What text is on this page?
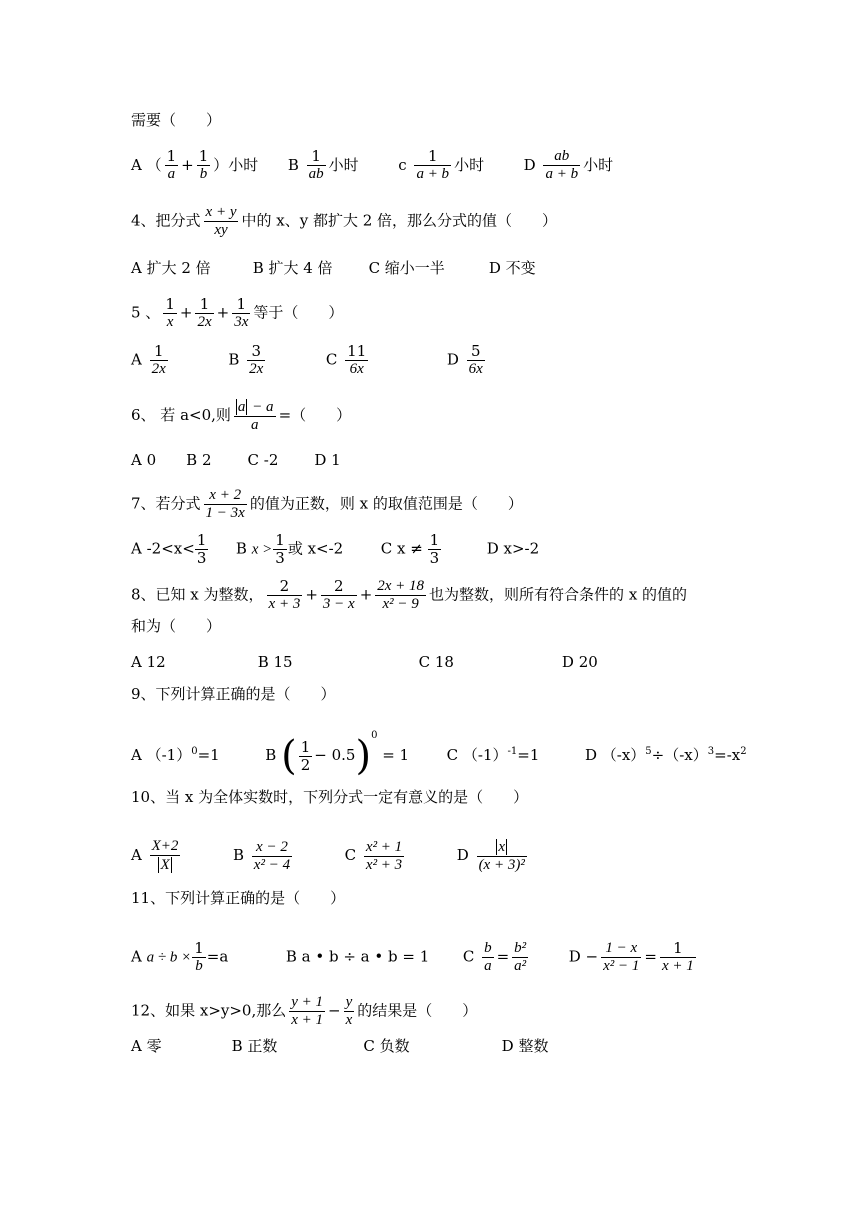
需要（　　）
A （ $\frac{1}{a} + \frac{1}{b}$ ）小时 B $\frac{1}{ab}$ 小时	c $\frac{1}{a + b}$ 小时	D $\frac{ab}{a + b}$ 小时
4、把分式 $\frac{x + y}{xy}$ 中的 x、y 都扩大 2 倍，那么分式的值（　　）
A 扩大 2 倍	B 扩大 4 倍 C 缩小一半	D 不变
5 、 $\frac{1}{x} + \frac{1}{2x} + \frac{1}{3x}$ 等于（　　）
A $\frac{1}{2x}$	B $\frac{3}{2x}$	C $\frac{11}{6x}$	D $\frac{5}{6x}$
6、 若 a<0,则 $\frac{a - a}{a}$ =（　　）
A 0 B 2 C -2 D 1
7、若分式 $\frac{x + 2}{1 - 3x}$ 的值为正数，则 x 的取值范围是（　　）
A $-2<x< \frac{1}{3}$ B $x > \frac{1}{3}$ 或 x<-2	C $x \ne \frac{1}{3}$	D x>-2
8、已知 x 为整数， $\frac{2}{x + 3} + \frac{2}{3 - x} + \frac{2x + 18}{\text{x² − 9}}$ 也为整数，则所有符合条件的 x 的值的
和为（　　）
A 12	B 15	C 18	D 20
9、下列计算正确的是（　　）
A $(-1)^0=1$	B ( $\frac{1}{2} - 0.5)^0 = 1$	C $(-1)^{-1}=1$	D $(-x)^5\div(-x)^3=-x^2$
10、当 x 为全体实数时，下列分式一定有意义的是（　　）
A $\frac{X+2}{X}$	B $\frac{x - 2}{\text{x² − 4}}$	C $\frac{\text{x² + 1}}{\text{x² + 3}}$	D $\frac{x}{\text{(x + 3)²}}$
11、下列计算正确的是（　　）
A $a \div b \times \frac{1}{b} =a$	B a • b ÷ a • b = 1 C $\frac{b}{a} = \frac{\text{b²}}{\text{a²}}$	$D - \frac{1 - x}{\text{x² − 1}} = \frac{1}{x + 1}$
12、如果 x>y>0,那么 $\frac{y + 1}{x + 1} - \frac{y}{x}$ 的结果是（　　）
A 零	B 正数	C 负数	D 整数
